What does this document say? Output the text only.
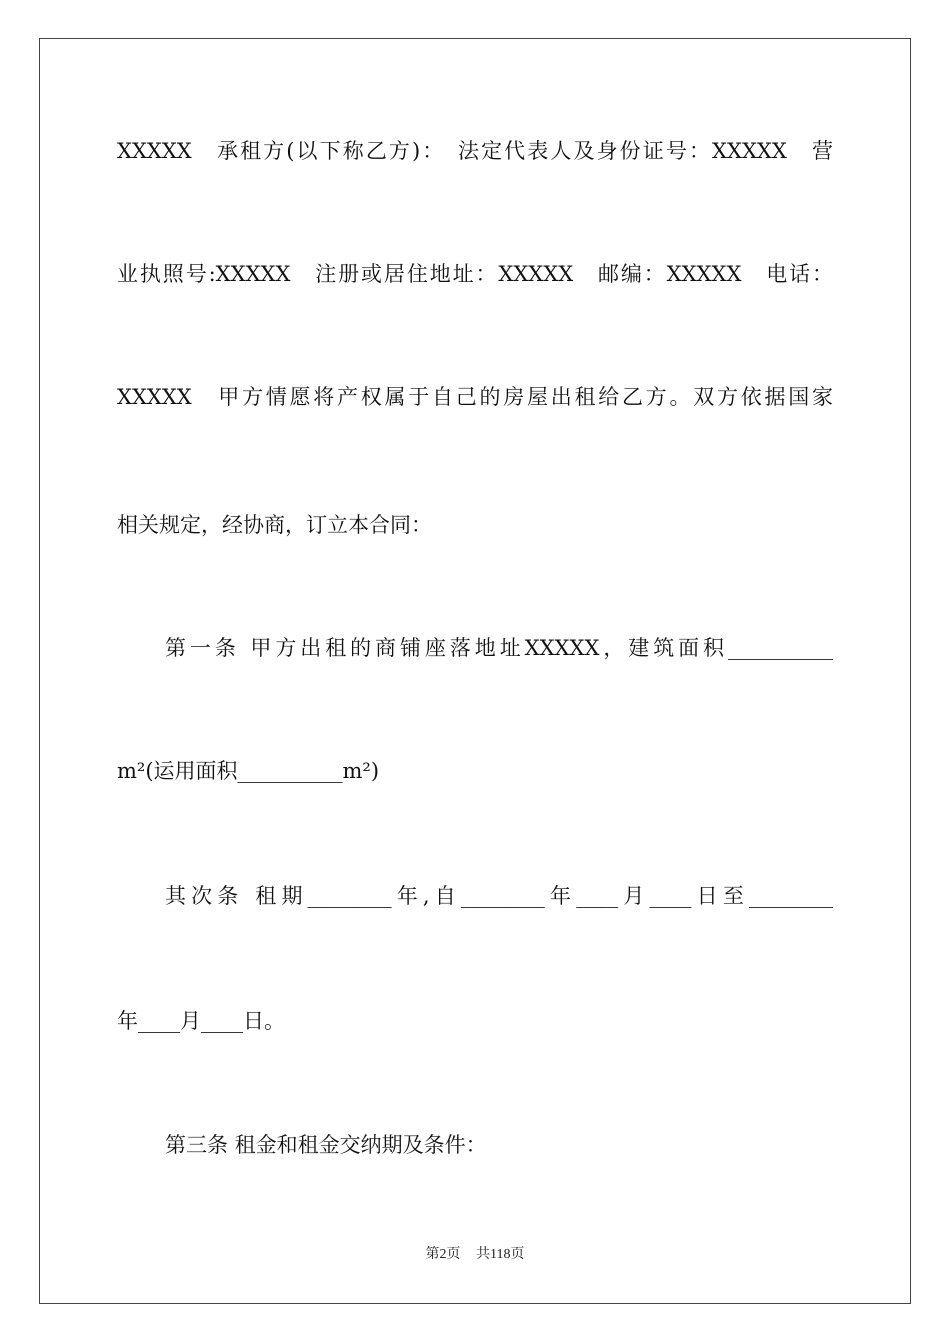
XXXXX　承租方(以下称乙方)：　法定代表人及身份证号：XXXXX　营
业执照号:XXXXX　注册或居住地址：XXXXX　邮编：XXXXX　电话：
XXXXX　甲方情愿将产权属于自己的房屋出租给乙方。双方依据国家
相关规定，经协商，订立本合同：
第一条 甲方出租的商铺座落地址XXXXX，建筑面积__________
m²(运用面积__________m²)
其次条 租期________年,自________年____月____日至________
年____月____日。
第三条 租金和租金交纳期及条件：
第2页 共118页
